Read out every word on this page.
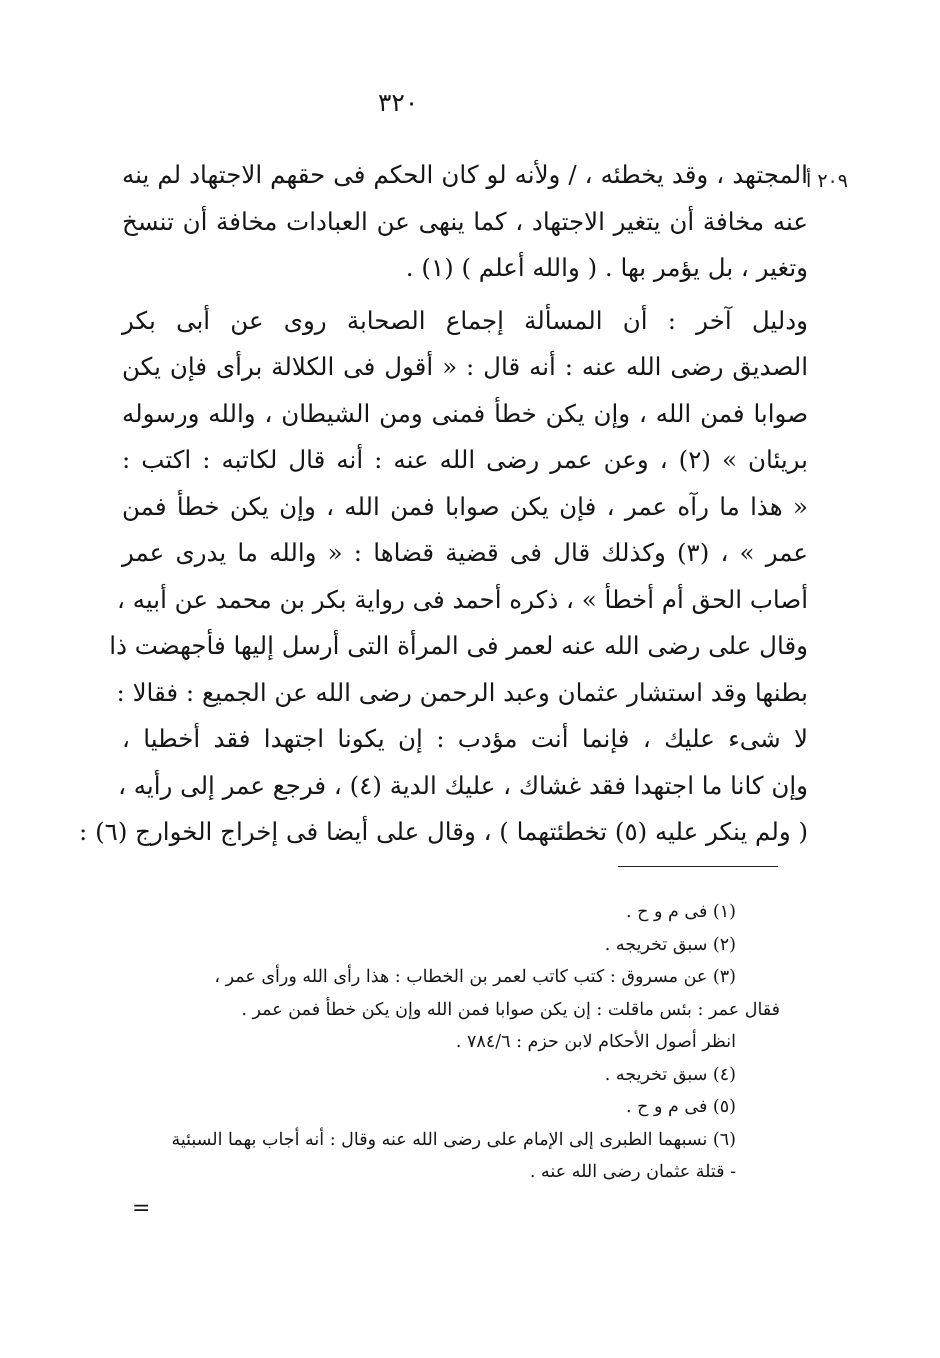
٣٢٠
٢٠٩ أ
المجتهد ، وقد يخطئه ، / ولأنه لو كان الحكم فى حقهم الاجتهاد لم ينه
عنه مخافة أن يتغير الاجتهاد ، كما ينهى عن العبادات مخافة أن تنسخ
وتغير ، بل يؤمر بها . ( والله أعلم ) (١) .
ودليل آخر : أن المسألة إجماع الصحابة روى عن أبى بكر
الصديق رضى الله عنه : أنه قال : « أقول فى الكلالة برأى فإن يكن
صوابا فمن الله ، وإن يكن خطأ فمنى ومن الشيطان ، والله ورسوله
بريئان » (٢) ، وعن عمر رضى الله عنه : أنه قال لكاتبه : اكتب :
« هذا ما رآه عمر ، فإن يكن صوابا فمن الله ، وإن يكن خطأ فمن
عمر » ، (٣) وكذلك قال فى قضية قضاها : « والله ما يدرى عمر
أصاب الحق أم أخطأ » ، ذكره أحمد فى رواية بكر بن محمد عن أبيه ،
وقال على رضى الله عنه لعمر فى المرأة التى أرسل إليها فأجهضت ذا
بطنها وقد استشار عثمان وعبد الرحمن رضى الله عن الجميع : فقالا :
لا شىء عليك ، فإنما أنت مؤدب : إن يكونا اجتهدا فقد أخطيا ،
وإن كانا ما اجتهدا فقد غشاك ، عليك الدية (٤) ، فرجع عمر إلى رأيه ،
( ولم ينكر عليه (٥) تخطئتهما ) ، وقال على أيضا فى إخراج الخوارج (٦) :
(١) فى م و ح .
(٢) سبق تخريجه .
(٣) عن مسروق : كتب كاتب لعمر بن الخطاب : هذا رأى الله ورأى عمر ،
فقال عمر : بئس ماقلت : إن يكن صوابا فمن الله وإن يكن خطأ فمن عمر .
انظر أصول الأحكام لابن حزم : ٧٨٤/٦ .
(٤) سبق تخريجه .
(٥) فى م و ح .
(٦) نسبهما الطبرى إلى الإمام على رضى الله عنه وقال : أنه أجاب بهما السبئية
- قتلة عثمان رضى الله عنه .
=
